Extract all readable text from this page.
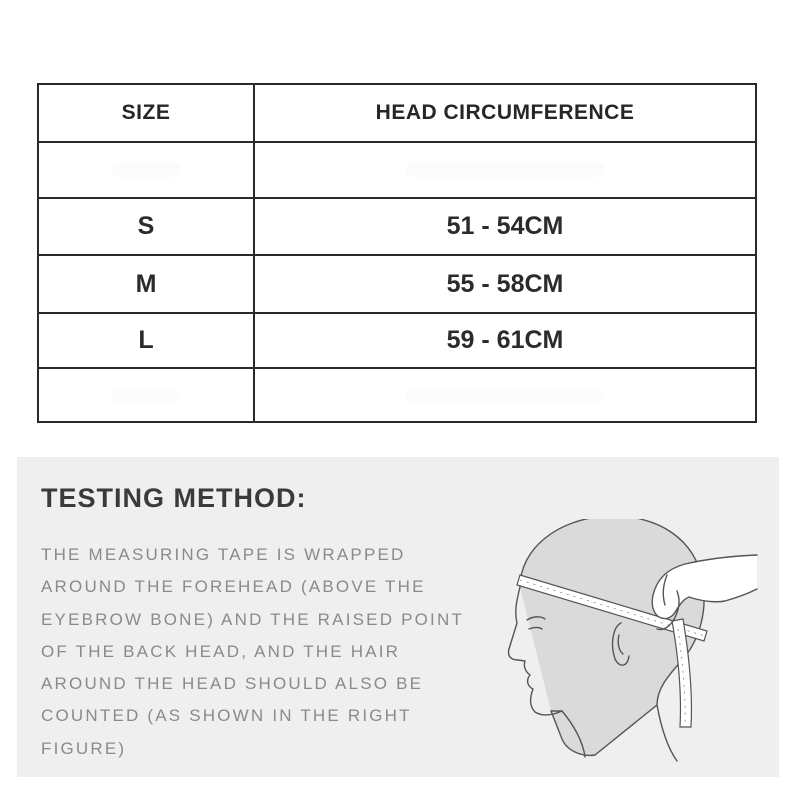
SIZE	HEAD CIRCUMFERENCE
S	51 - 54CM
M	55 - 58CM
L	59 - 61CM
TESTING METHOD:
THE MEASURING TAPE IS WRAPPED
AROUND THE FOREHEAD (ABOVE THE
EYEBROW BONE) AND THE RAISED POINT
OF THE BACK HEAD, AND THE HAIR
AROUND THE HEAD SHOULD ALSO BE
COUNTED (AS SHOWN IN THE RIGHT
FIGURE)
